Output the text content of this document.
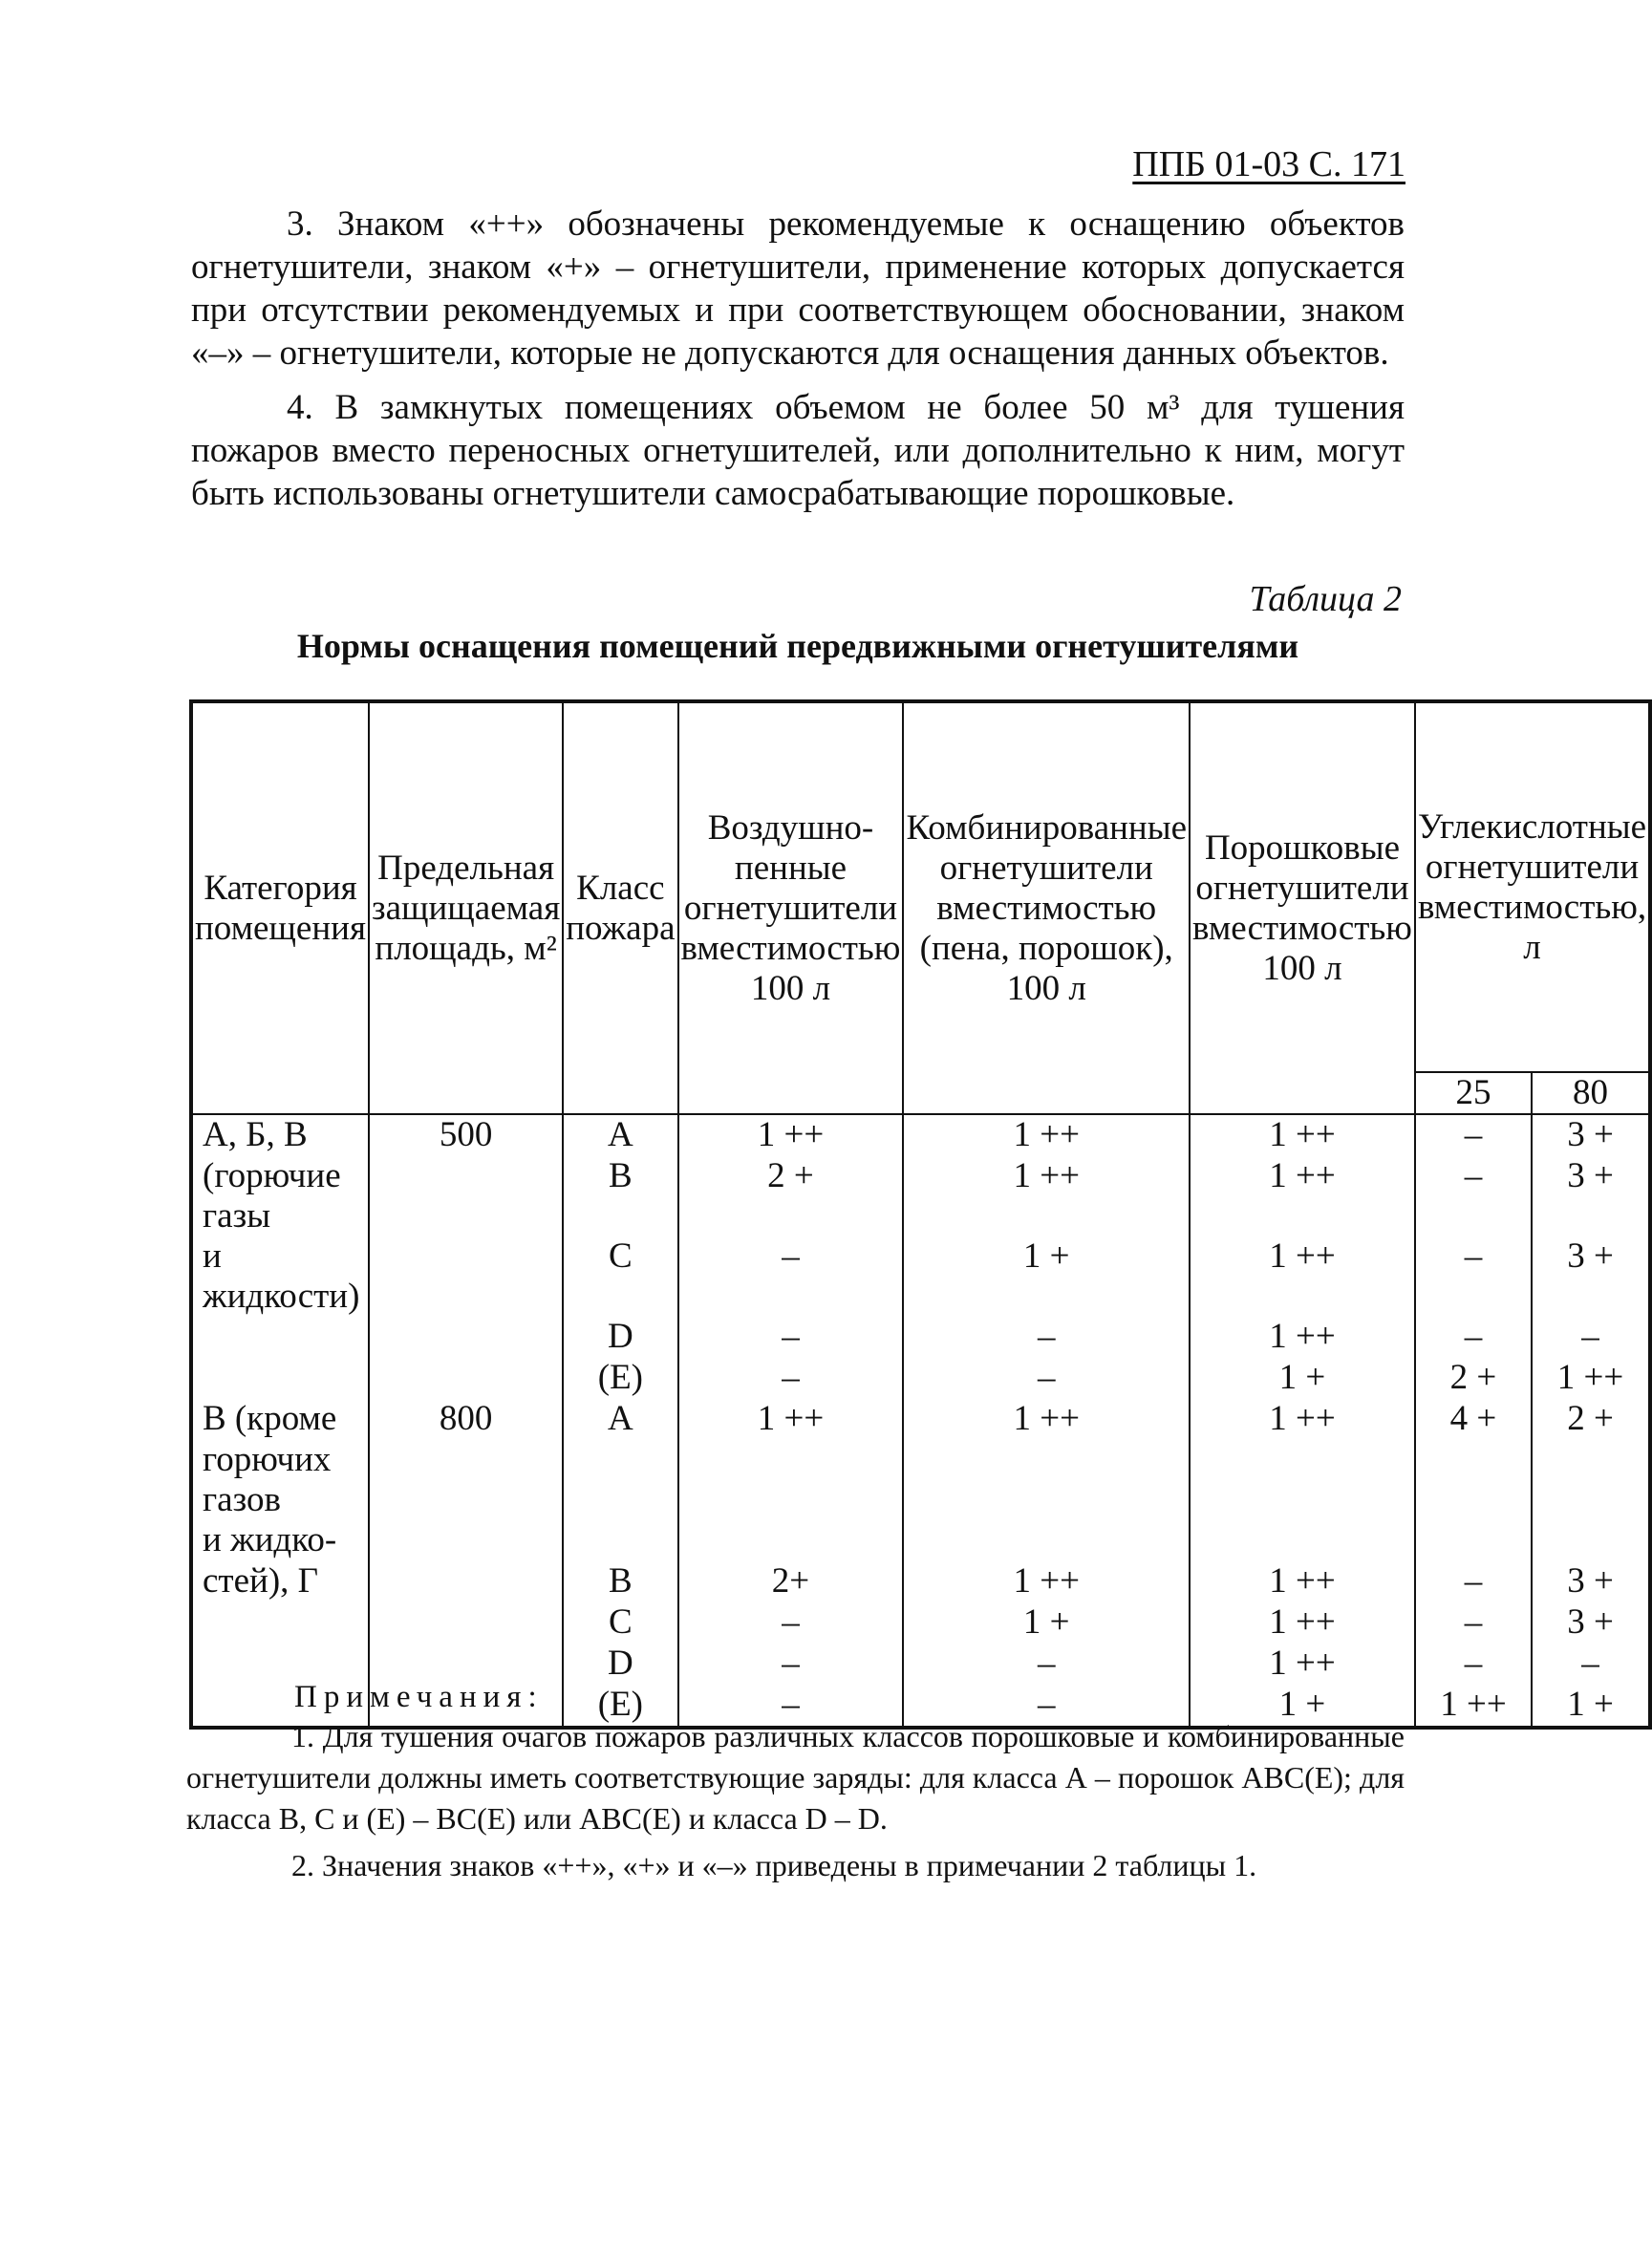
ППБ 01-03 С. 171

3. Знаком «++» обозначены рекомендуемые к оснащению объектов огнетушители, знаком «+» – огнетушители, применение которых допускается при отсутствии рекомендуемых и при соответствующем обосновании, знаком «–» – огнетушители, которые не допускаются для оснащения данных объектов.

4. В замкнутых помещениях объемом не более 50 м³ для тушения пожаров вместо переносных огнетушителей, или дополнительно к ним, могут быть использованы огнетушители самосрабатывающие порошковые.

Таблица 2
Нормы оснащения помещений передвижными огнетушителями
Категория помещения	Предельная защищаемая площадь, м²	Класс пожара	Воздушно-пенные огнетушители вместимостью 100 л	Комбинированные огнетушители вместимостью (пена, порошок), 100 л	Порошковые огнетушители вместимостью 100 л	Углекислотные огнетушители вместимостью, л	
						25	80
А, Б, В	500	А	1 ++	1 ++	1 ++	–	3 +
(горючие газы		В	2 +	1 ++	1 ++	–	3 +
и жидкости)		С	–	1 +	1 ++	–	3 +
		D	–	–	1 ++	–	–
		(Е)	–	–	1 +	2 +	1 ++
В (кроме	800	А	1 ++	1 ++	1 ++	4 +	2 +
горючих газов							
и жидко-							
стей), Г		В	2+	1 ++	1 ++	–	3 +
		С	–	1 +	1 ++	–	3 +
		D	–	–	1 ++	–	–
		(Е)	–	–	1 +	1 ++	1 +
Примечания:

1. Для тушения очагов пожаров различных классов порошковые и комбинированные огнетушители должны иметь соответствующие заряды: для класса А – порошок АВС(Е); для класса В, С и (Е) – ВС(Е) или АВС(Е) и класса D – D.

2. Значения знаков «++», «+» и «–» приведены в примечании 2 таблицы 1.
